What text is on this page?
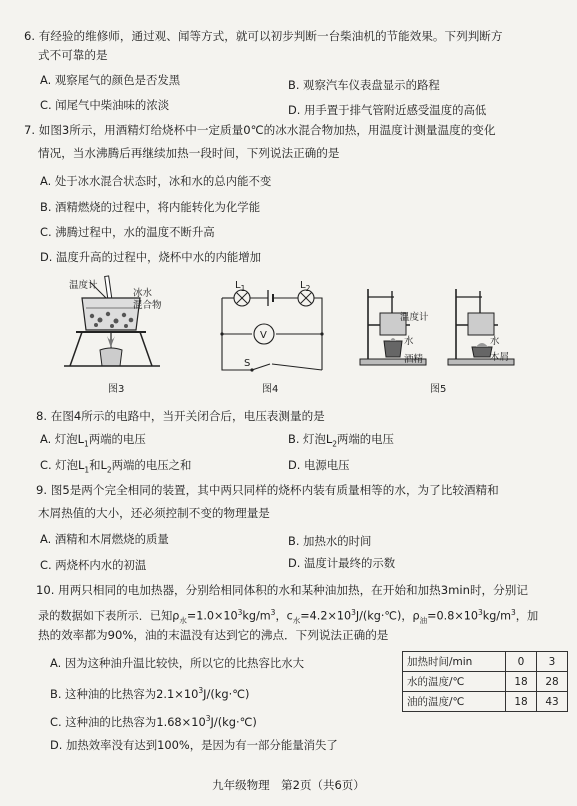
6. 有经验的维修师，通过观、闻等方式，就可以初步判断一台柴油机的节能效果。下列判断方
式不可靠的是
A. 观察尾气的颜色是否发黑	B. 观察汽车仪表盘显示的路程
C. 闻尾气中柴油味的浓淡	D. 用手置于排气管附近感受温度的高低
7. 如图3所示，用酒精灯给烧杯中一定质量0℃的冰水混合物加热，用温度计测量温度的变化
情况，当水沸腾后再继续加热一段时间，下列说法正确的是
A. 处于冰水混合状态时，冰和水的总内能不变
B. 酒精燃烧的过程中，将内能转化为化学能
C. 沸腾过程中，水的温度不断升高
D. 温度升高的过程中，烧杯中水的内能增加
温度计
冰水
混合物
图3
$L_1$	$L_2$
V
S
图4
温度计
水
酒精
水
木屑
图5
8. 在图4所示的电路中，当开关闭合后，电压表测量的是
A. 灯泡$L_1$两端的电压	B. 灯泡$L_2$两端的电压
C. 灯泡$L_1$和$L_2$两端的电压之和	D. 电源电压
9. 图5是两个完全相同的装置，其中两只同样的烧杯内装有质量相等的水，为了比较酒精和
木屑热值的大小，还必须控制不变的物理量是
A. 酒精和木屑燃烧的质量	B. 加热水的时间
C. 两烧杯内水的初温	D. 温度计最终的示数
10. 用两只相同的电加热器，分别给相同体积的水和某种油加热，在开始和加热3min时，分别记
录的数据如下表所示．已知$\rho_水=1.0\times 10^3kg/m^3$，$c_水=4.2\times 10^3J/(kg\cdot℃)$，$\rho_油=0.8\times 10^3kg/m^3$，加
热的效率都为90%，油的末温没有达到它的沸点．下列说法正确的是
A. 因为这种油升温比较快，所以它的比热容比水大
B. 这种油的比热容为$2.1\times 10^3J/(kg\cdot℃)$
C. 这种油的比热容为$1.68\times 10^3J/(kg\cdot℃)$
D. 加热效率没有达到100%，是因为有一部分能量消失了
加热时间/min	0	3
水的温度/℃	18	28
油的温度/℃	18	43
九年级物理　第2页（共6页）
